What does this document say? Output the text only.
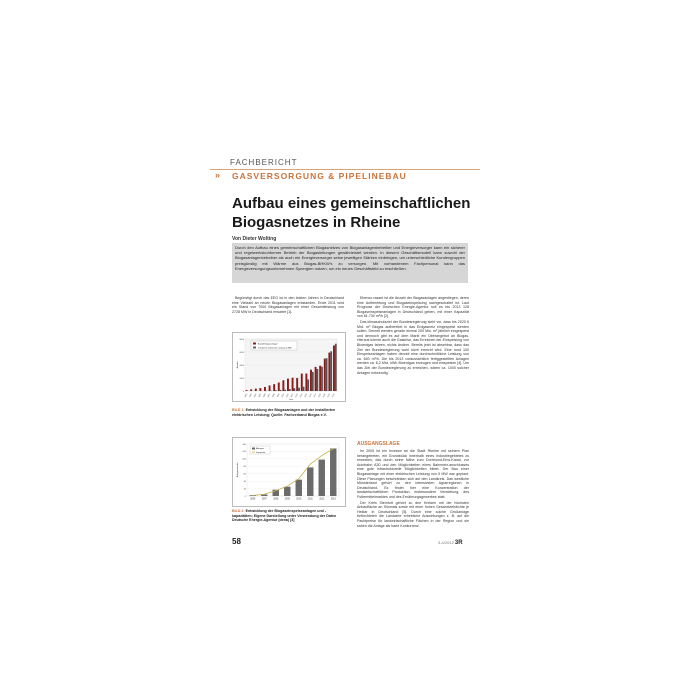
FACHBERICHT
» GASVERSORGUNG & PIPELINEBAU
Aufbau eines gemeinschaftlichen
Biogasnetzes in Rheine
Von Dieter Wolting

Durch den Aufbau eines gemeinschaftlichen Biogasnetzes von Biogasanlagenbetreiber und Energieversorger kann ein sicherer und regelwerkskonformer Betrieb der Biogasleitungen gewährleistet werden. In diesem Geschäftsmodell kann sowohl der Biogasanlagenbetreiber als auch ein Energieversorger seine jeweiligen Stärken einbringen, um unterschiedliche Kundengruppen preisgünstig mit Wärme aus Biogas-BHKW's zu versorgen. Mit vorhandenem Fachpersonal kann das Energieversorgungsunternehmen Synergien nutzen, um ein neues Geschäftsfeld zu erschließen.

Begünstigt durch das EEG ist in den letzten Jahren in Deutschland eine Vielzahl an neuen Biogasanlagen entstanden. Ende 2011 wird ein Stand von 7000 Biogasanlagen mit einer Gesamtleistung von 2728 MW in Deutschland erwartet [1].

Anzahl Biogasanlagen
Installierte elektrische Leistung in MW
0
2000
4000
6000
8000
1992 1993 1994 1995 1996 1997 1998 1999 2000 2001 2002 2003 2004 2005 2006 2007 2008 2009 2010 2011
Anzahl
Jahr
BILD 1: Entwicklung der Biogasanlagen und der installierten elektrischen Leistung; Quelle: Fachverband Biogas e.V.
0
20
40
60
80
100
120
140
Anlagen
Kapazität
2006	2007	2008	2009	2010	2011	2012	2013
Anlagenanzahl
BILD 2: Entwicklung der Biogaseinspeiseanlagen und -kapazitäten; Eigene Darstellung unter Verwendung der Daten Deutsche Energie-Agentur (dena) [3]

Ebenso rasant ist die Anzahl der Biogasanlagen angestiegen, deren eine Aufbereitung und Biogaseinspeisung nachgeschaltet ist. Laut Prognose der Deutschen Energie-Agentur soll es bis 2013 128 Biogaseinspeiseanlagen in Deutschland geben, mit einer Kapazität von 81.730 m³/h [2].

Das klimaschutzziel der Bundesregierung sieht vor, dass bis 2020 6 Mrd. m³ Biogas aufbereitet in das Erdgasnetz eingespeist werden sollen. Derzeit werden gerade einmal 200 Mio. m³ jährlich eingespeist und dennoch gibt es auf dem Markt ein Überangebot an Biogas. Hieraus könnte auch die Gaskrise, das Erreichen der Einspeisung von Bioerdgas fahren, nichts ändern. Bereits jetzt ist absehbar, dass das Ziel der Bundesregierung wohl nicht erreicht wird. Eine rund 100 Einspeiseanlagen haben derzeit eine durchschnittliche Leistung von ca. 640 m³/h. Die bis 2013 voraussichtlich fertiggestellten Anlagen werden ca. 6,2 Mrd. kWh Bioerdgas erzeugen und einspeisen [4]. Um das Ziel der Bundesregierung zu erreichen, wären ca. 1000 solcher Anlagen notwendig.

AUSGANGSLAGE

Im 2005 ist ein Investor an die Stadt Rheine mit seinem Plan herangetreten, ein Grundstück innerhalb eines Industriegebietes zu erwerben, das durch seine Nähe zum Dortmund-Ems-Kanal, zur Autobahn A30 und den Möglichkeiten eines Bahnnetz-anschlusses eine gute infrastrukturelle Möglichkeiten bietet. Der Bau einer Biogasanlage mit einer elektrischen Leistung von 5 MW war geplant. Diese Planungen beschränken sich auf den Landkreis. Das westliche Münsterland gehört zu den intensivsten Agrarregionen in Deutschland. Es findet hier eine Konzentration der landwirtschaftlichen Produktion, insbesondere Veredelung, des Futtermittelmarktes und des Ernährungsgewerbes statt.

Der Kreis Steinfurt gehört zu den Kreisen mit der höchsten Anbaufläche an Silomais sowie mit einer hohen Gesamtviehdichte je Hektar in Deutschland [5]. Durch eine solche Großanlage befürchteten die Landwirte erhebliche Auswirkungen z. B. auf die Pachtpreise für landwirtschaftliche Flächen in der Region und sie sahen die Anlage als harte Konkurrenz.

58	3-4/2012 3R
